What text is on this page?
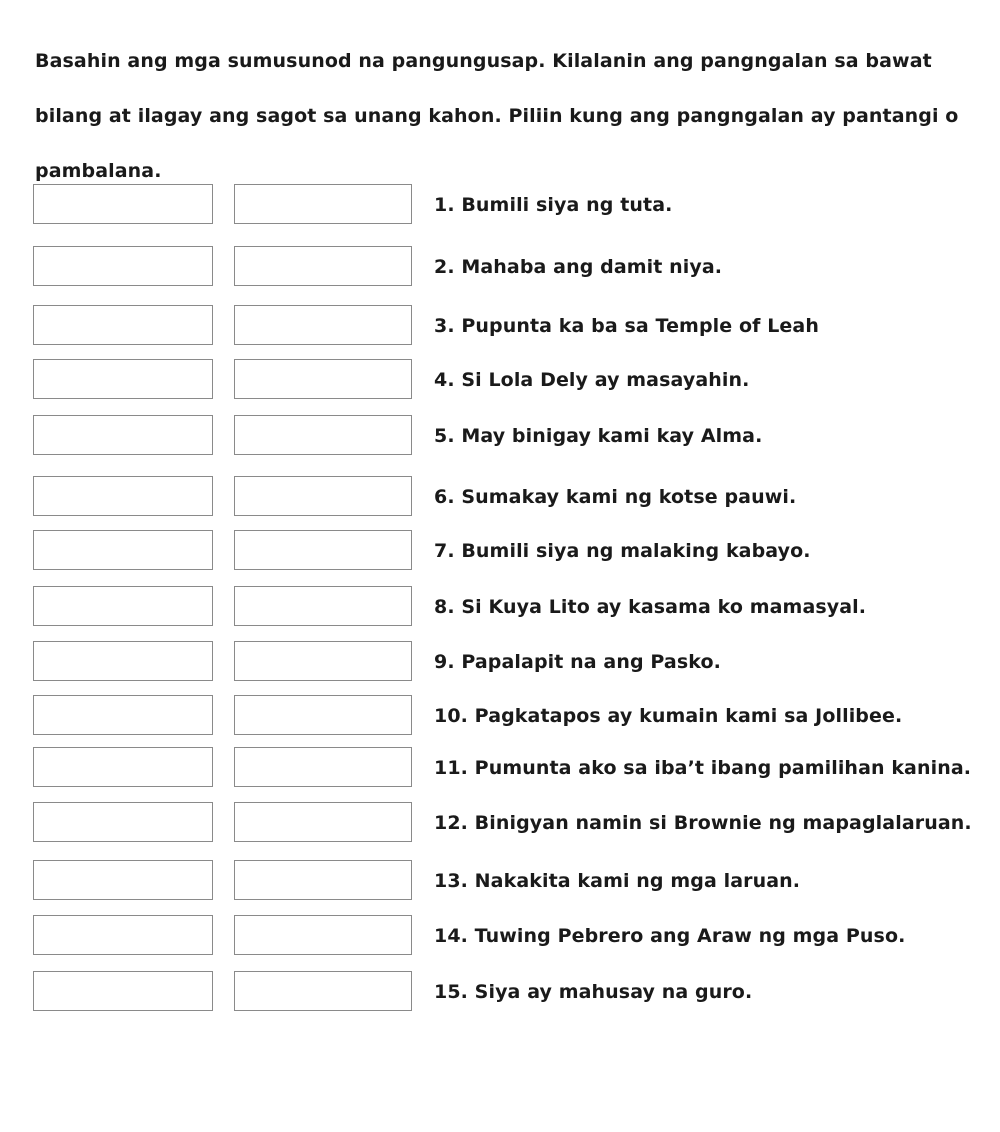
Basahin ang mga sumusunod na pangungusap. Kilalanin ang pangngalan sa bawat bilang at ilagay ang sagot sa unang kahon. Piliin kung ang pangngalan ay pantangi o pambalana.

1. Bumili siya ng tuta.
2. Mahaba ang damit niya.
3. Pupunta ka ba sa Temple of Leah
4. Si Lola Dely ay masayahin.
5. May binigay kami kay Alma.
6. Sumakay kami ng kotse pauwi.
7. Bumili siya ng malaking kabayo.
8. Si Kuya Lito ay kasama ko mamasyal.
9. Papalapit na ang Pasko.
10. Pagkatapos ay kumain kami sa Jollibee.
11. Pumunta ako sa iba’t ibang pamilihan kanina.
12. Binigyan namin si Brownie ng mapaglalaruan.
13. Nakakita kami ng mga laruan.
14. Tuwing Pebrero ang Araw ng mga Puso.
15. Siya ay mahusay na guro.
